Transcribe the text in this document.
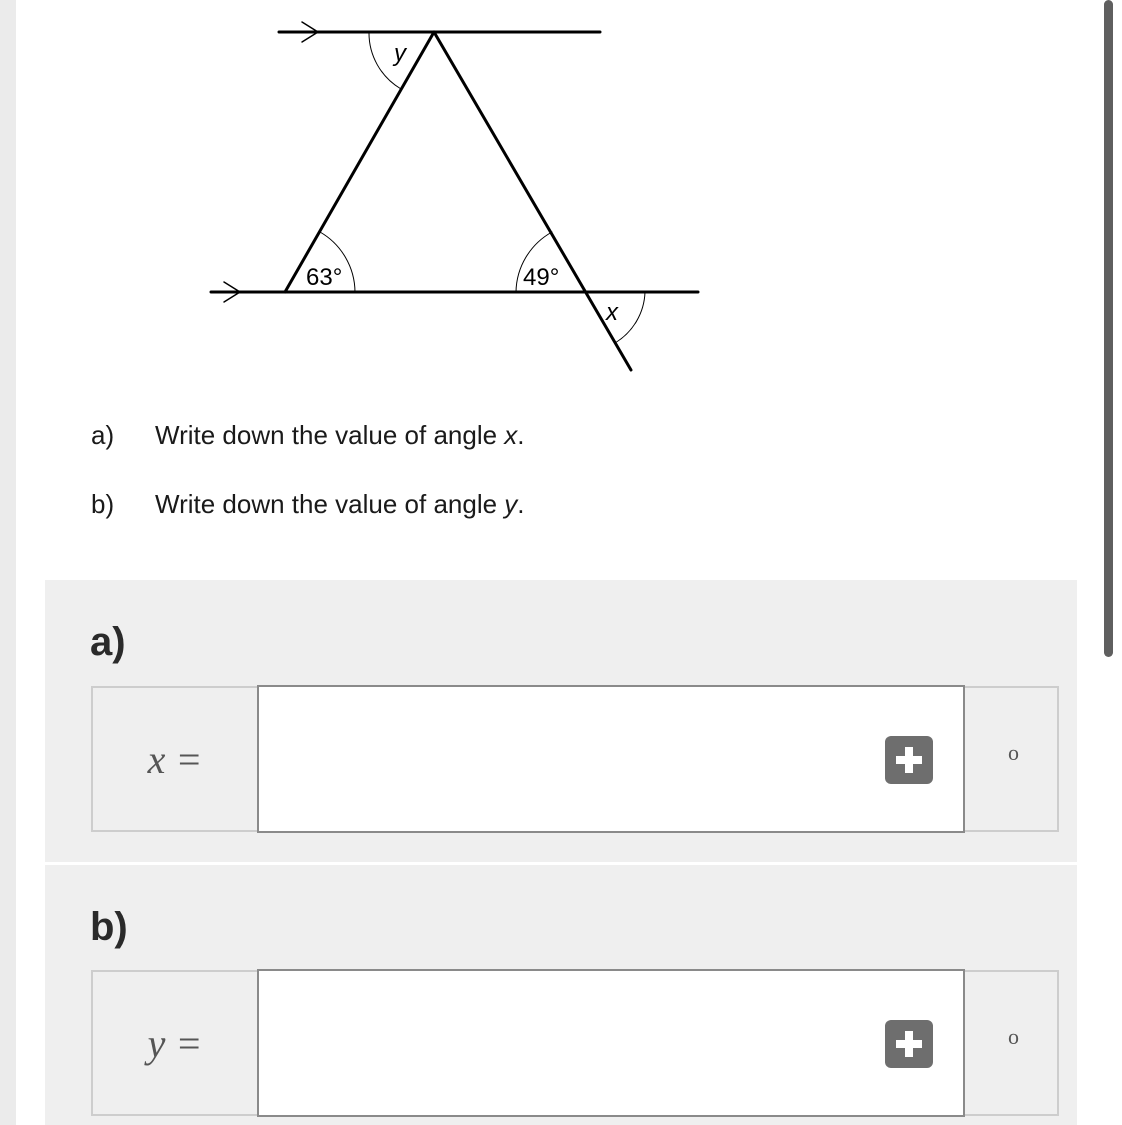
y
63°	49°
x
a) Write down the value of angle x.
b) Write down the value of angle y.
a)
x =	o
b)
y =	o
